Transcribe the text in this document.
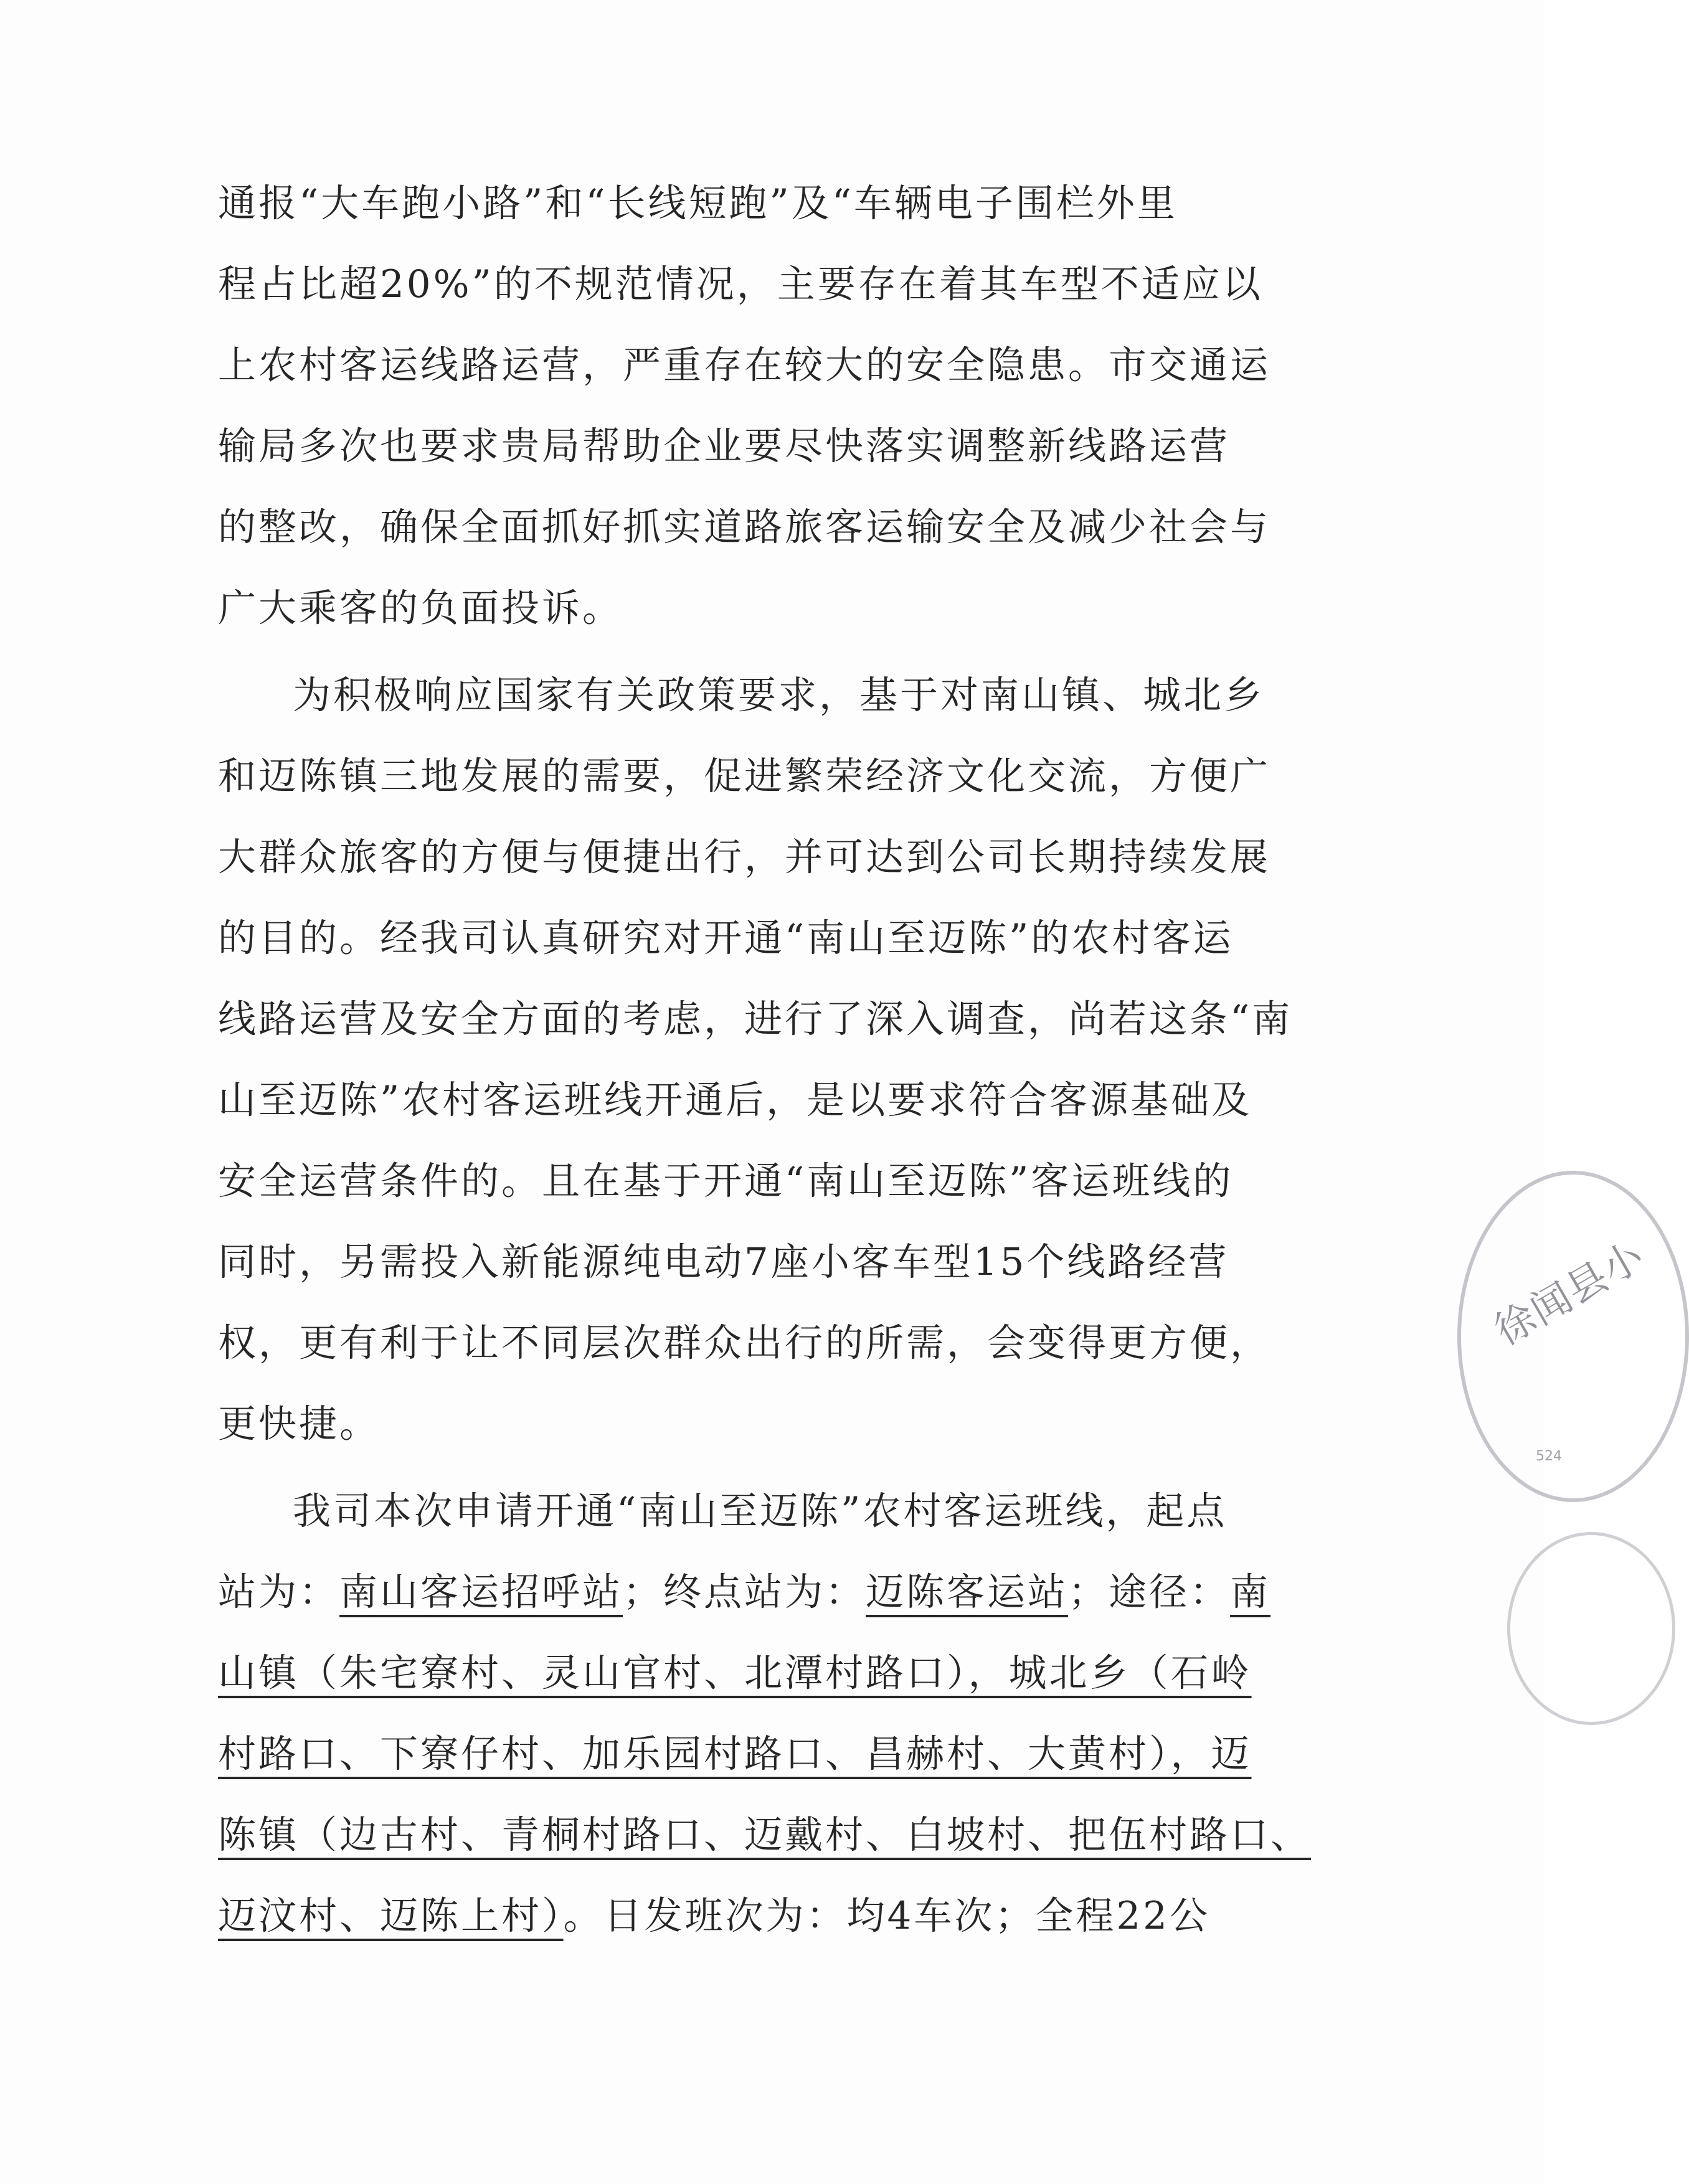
通报“大车跑小路”和“长线短跑”及“车辆电子围栏外里
程占比超20%”的不规范情况，主要存在着其车型不适应以
上农村客运线路运营，严重存在较大的安全隐患。市交通运
输局多次也要求贵局帮助企业要尽快落实调整新线路运营
的整改，确保全面抓好抓实道路旅客运输安全及减少社会与
广大乘客的负面投诉。
为积极响应国家有关政策要求，基于对南山镇、城北乡
和迈陈镇三地发展的需要，促进繁荣经济文化交流，方便广
大群众旅客的方便与便捷出行，并可达到公司长期持续发展
的目的。经我司认真研究对开通“南山至迈陈”的农村客运
线路运营及安全方面的考虑，进行了深入调查，尚若这条“南
山至迈陈”农村客运班线开通后，是以要求符合客源基础及
安全运营条件的。且在基于开通“南山至迈陈”客运班线的
同时，另需投入新能源纯电动7座小客车型15个线路经营
权，更有利于让不同层次群众出行的所需，会变得更方便，
更快捷。
我司本次申请开通“南山至迈陈”农村客运班线，起点
站为：南山客运招呼站；终点站为：迈陈客运站；途径：南
山镇（朱宅寮村、灵山官村、北潭村路口），城北乡（石岭
村路口、下寮仔村、加乐园村路口、昌赫村、大黄村），迈
陈镇（边古村、青桐村路口、迈戴村、白坡村、把伍村路口、
迈汶村、迈陈上村）。日发班次为：均4车次；全程22公
徐闻县小
524
